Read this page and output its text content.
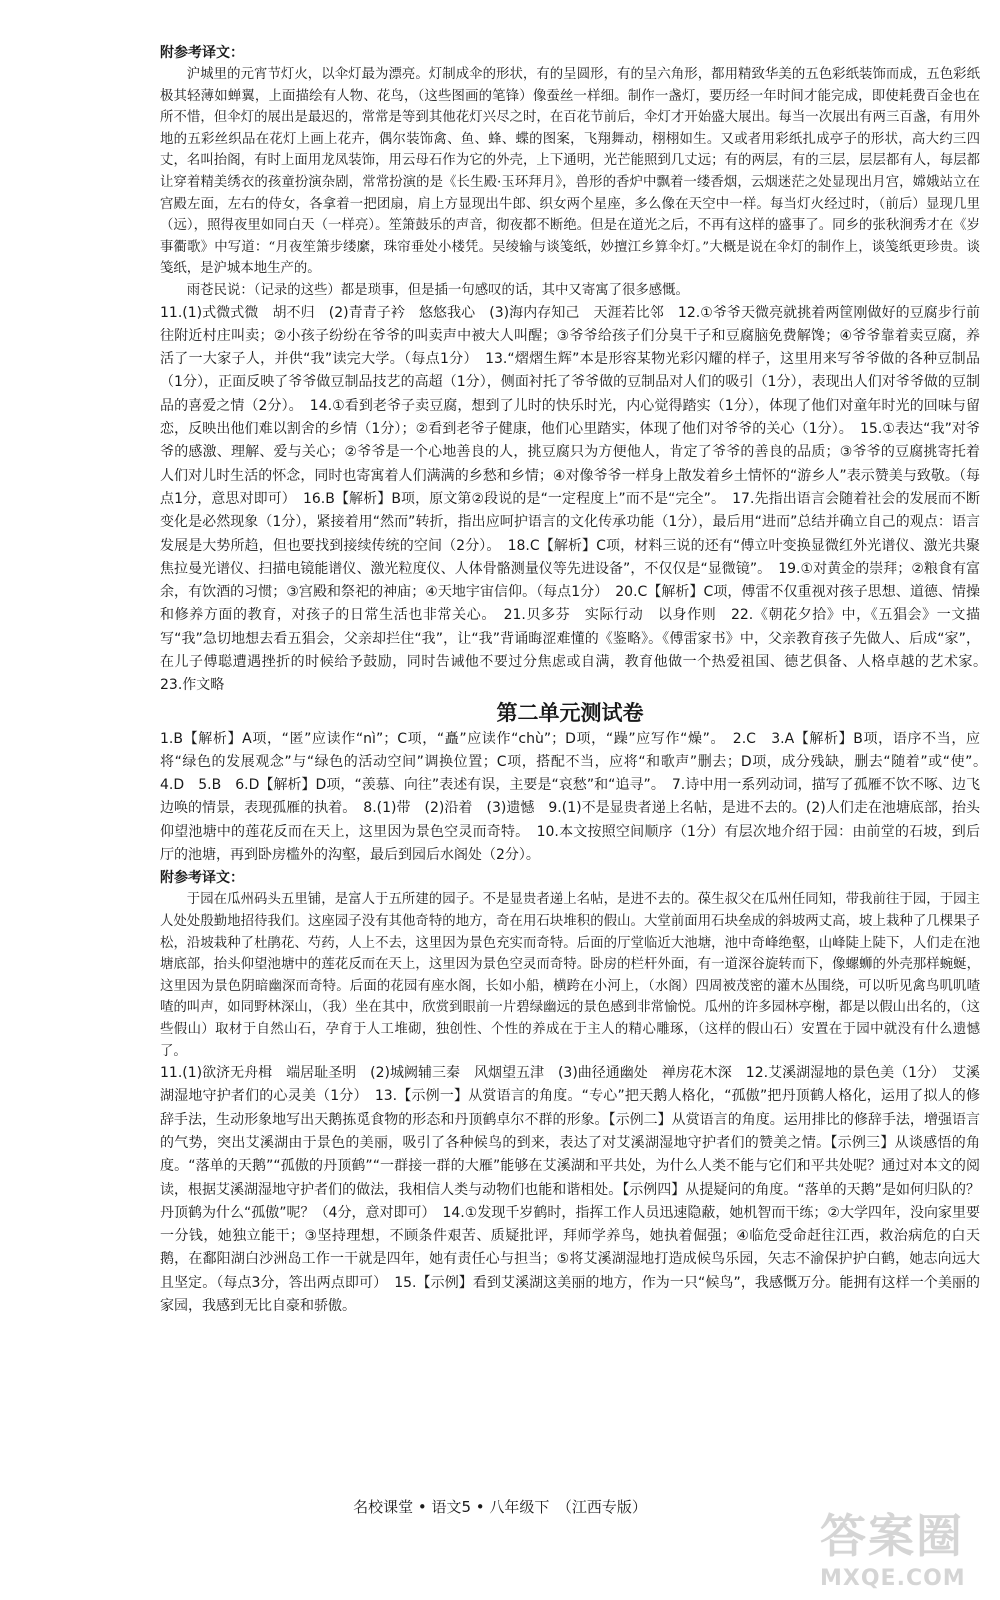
附参考译文：

沪城里的元宵节灯火，以伞灯最为漂亮。灯制成伞的形状，有的呈圆形，有的呈六角形，都用精致华美的五色彩纸装饰而成，五色彩纸极其轻薄如蝉翼，上面描绘有人物、花鸟，（这些图画的笔锋）像蚕丝一样细。制作一盏灯，要历经一年时间才能完成，即使耗费百金也在所不惜，但伞灯的展出是最迟的，常常是等到其他花灯兴尽之时，在百花节前后，伞灯才开始盛大展出。每当一次展出有两三百盏，有用外地的五彩丝织品在花灯上画上花卉，偶尔装饰禽、鱼、蜂、蝶的图案，飞翔舞动，栩栩如生。又或者用彩纸扎成亭子的形状，高大约三四丈，名叫抬阁，有时上面用龙凤装饰，用云母石作为它的外壳，上下通明，光芒能照到几丈远；有的两层，有的三层，层层都有人，每层都让穿着精美绣衣的孩童扮演杂剧，常常扮演的是《长生殿·玉环拜月》，兽形的香炉中飘着一缕香烟，云烟迷茫之处显现出月宫，嫦娥站立在宫殿左面，左右的侍女，各拿着一把团扇，肩上方显现出牛郎、织女两个星座，多么像在天空中一样。每当灯火经过时，（前后）显现几里（远），照得夜里如同白天（一样亮）。笙箫鼓乐的声音，彻夜都不断绝。但是在道光之后，不再有这样的盛事了。同乡的张秋涧秀才在《岁事衢歌》中写道：“月夜笙箫步缕縻，珠帘垂处小楼凭。吴绫输与谈笺纸，妙擅江乡算伞灯。”大概是说在伞灯的制作上，谈笺纸更珍贵。谈笺纸，是沪城本地生产的。

雨苍民说：（记录的这些）都是琐事，但是插一句感叹的话，其中又寄寓了很多感慨。

11.(1)式微式微　胡不归　(2)青青子衿　悠悠我心　(3)海内存知己　天涯若比邻　12.①爷爷天微亮就挑着两筐刚做好的豆腐步行前往附近村庄叫卖；②小孩子纷纷在爷爷的叫卖声中被大人叫醒；③爷爷给孩子们分臭干子和豆腐脑免费解馋；④爷爷靠着卖豆腐，养活了一大家子人，并供“我”读完大学。（每点1分）　13.“熠熠生辉”本是形容某物光彩闪耀的样子，这里用来写爷爷做的各种豆制品（1分），正面反映了爷爷做豆制品技艺的高超（1分），侧面衬托了爷爷做的豆制品对人们的吸引（1分），表现出人们对爷爷做的豆制品的喜爱之情（2分）。　14.①看到老爷子卖豆腐，想到了儿时的快乐时光，内心觉得踏实（1分），体现了他们对童年时光的回味与留恋，反映出他们难以割舍的乡情（1分）；②看到老爷子健康，他们心里踏实，体现了他们对爷爷的关心（1分）。　15.①表达“我”对爷爷的感激、理解、爱与关心；②爷爷是一个心地善良的人，挑豆腐只为方便他人，肯定了爷爷的善良的品质；③爷爷的豆腐挑寄托着人们对儿时生活的怀念，同时也寄寓着人们满满的乡愁和乡情；④对像爷爷一样身上散发着乡土情怀的“游乡人”表示赞美与致敬。（每点1分，意思对即可）　16.B【解析】B项，原文第②段说的是“一定程度上”而不是“完全”。　17.先指出语言会随着社会的发展而不断变化是必然现象（1分），紧接着用“然而”转折，指出应呵护语言的文化传承功能（1分），最后用“进而”总结并确立自己的观点：语言发展是大势所趋，但也要找到接续传统的空间（2分）。　18.C【解析】C项，材料三说的还有“傅立叶变换显微红外光谱仪、激光共聚焦拉曼光谱仪、扫描电镜能谱仪、激光粒度仪、人体骨骼测量仪等先进设备”，不仅仅是“显微镜”。　19.①对黄金的崇拜；②粮食有富余，有饮酒的习惯；③宫殿和祭祀的神庙；④天地宇宙信仰。（每点1分）　20.C【解析】C项，傅雷不仅重视对孩子思想、道德、情操和修养方面的教育，对孩子的日常生活也非常关心。　21.贝多芬　实际行动　以身作则　22.《朝花夕拾》中，《五猖会》一文描写“我”急切地想去看五猖会，父亲却拦住“我”，让“我”背诵晦涩难懂的《鉴略》。《傅雷家书》中，父亲教育孩子先做人、后成“家”，在儿子傅聪遭遇挫折的时候给予鼓励，同时告诫他不要过分焦虑或自满，教育他做一个热爱祖国、德艺俱备、人格卓越的艺术家。　23.作文略

第二单元测试卷

1.B【解析】A项，“匿”应读作“nì”；C项，“矗”应读作“chù”；D项，“躁”应写作“燥”。　2.C　3.A【解析】B项，语序不当，应将“绿色的发展观念”与“绿色的活动空间”调换位置；C项，搭配不当，应将“和歌声”删去；D项，成分残缺，删去“随着”或“使”。　4.D　5.B　6.D【解析】D项，“羡慕、向往”表述有误，主要是“哀愁”和“追寻”。　7.诗中用一系列动词，描写了孤雁不饮不啄、边飞边唤的情景，表现孤雁的执着。　8.(1)带　(2)沿着　(3)遗憾　9.(1)不是显贵者递上名帖，是进不去的。(2)人们走在池塘底部，抬头仰望池塘中的莲花反而在天上，这里因为景色空灵而奇特。　10.本文按照空间顺序（1分）有层次地介绍于园：由前堂的石坡，到后厅的池塘，再到卧房槛外的沟壑，最后到园后水阁处（2分）。

附参考译文：

于园在瓜州码头五里铺，是富人于五所建的园子。不是显贵者递上名帖，是进不去的。葆生叔父在瓜州任同知，带我前往于园，于园主人处处殷勤地招待我们。这座园子没有其他奇特的地方，奇在用石块堆积的假山。大堂前面用石块垒成的斜坡两丈高，坡上栽种了几棵果子松，沿坡栽种了杜鹃花、芍药，人上不去，这里因为景色充实而奇特。后面的厅堂临近大池塘，池中奇峰绝壑，山峰陡上陡下，人们走在池塘底部，抬头仰望池塘中的莲花反而在天上，这里因为景色空灵而奇特。卧房的栏杆外面，有一道深谷旋转而下，像螺蛳的外壳那样蜿蜒，这里因为景色阴暗幽深而奇特。后面的花园有座水阁，长如小船，横跨在小河上，（水阁）四周被茂密的灌木丛围绕，可以听见禽鸟叽叽喳喳的叫声，如同野林深山，（我）坐在其中，欣赏到眼前一片碧绿幽远的景色感到非常愉悦。瓜州的许多园林亭榭，都是以假山出名的，（这些假山）取材于自然山石，孕育于人工堆砌，独创性、个性的养成在于主人的精心雕琢，（这样的假山石）安置在于园中就没有什么遗憾了。

11.(1)欲济无舟楫　端居耻圣明　(2)城阙辅三秦　风烟望五津　(3)曲径通幽处　禅房花木深　12.艾溪湖湿地的景色美（1分）　艾溪湖湿地守护者们的心灵美（1分）　13.【示例一】从赏语言的角度。“专心”把天鹅人格化，“孤傲”把丹顶鹤人格化，运用了拟人的修辞手法，生动形象地写出天鹅拣觅食物的形态和丹顶鹤卓尔不群的形象。【示例二】从赏语言的角度。运用排比的修辞手法，增强语言的气势，突出艾溪湖由于景色的美丽，吸引了各种候鸟的到来，表达了对艾溪湖湿地守护者们的赞美之情。【示例三】从谈感悟的角度。“落单的天鹅”“孤傲的丹顶鹤”“一群接一群的大雁”能够在艾溪湖和平共处，为什么人类不能与它们和平共处呢？通过对本文的阅读，根据艾溪湖湿地守护者们的做法，我相信人类与动物们也能和谐相处。【示例四】从提疑问的角度。“落单的天鹅”是如何归队的？丹顶鹤为什么“孤傲”呢？（4分，意对即可）　14.①发现千岁鹤时，指挥工作人员迅速隐蔽，她机智而干练；②大学四年，没向家里要一分钱，她独立能干；③坚持理想，不顾条件艰苦、质疑批评，拜师学养鸟，她执着倔强；④临危受命赶往江西，救治病危的白天鹅，在鄱阳湖白沙洲岛工作一干就是四年，她有责任心与担当；⑤将艾溪湖湿地打造成候鸟乐园，矢志不渝保护护白鹤，她志向远大且坚定。（每点3分，答出两点即可）　15.【示例】看到艾溪湖这美丽的地方，作为一只“候鸟”，我感慨万分。能拥有这样一个美丽的家园，我感到无比自豪和骄傲。

名校课堂 • 语文5 • 八年级下　（江西专版）
答案圈
MXQE.COM
